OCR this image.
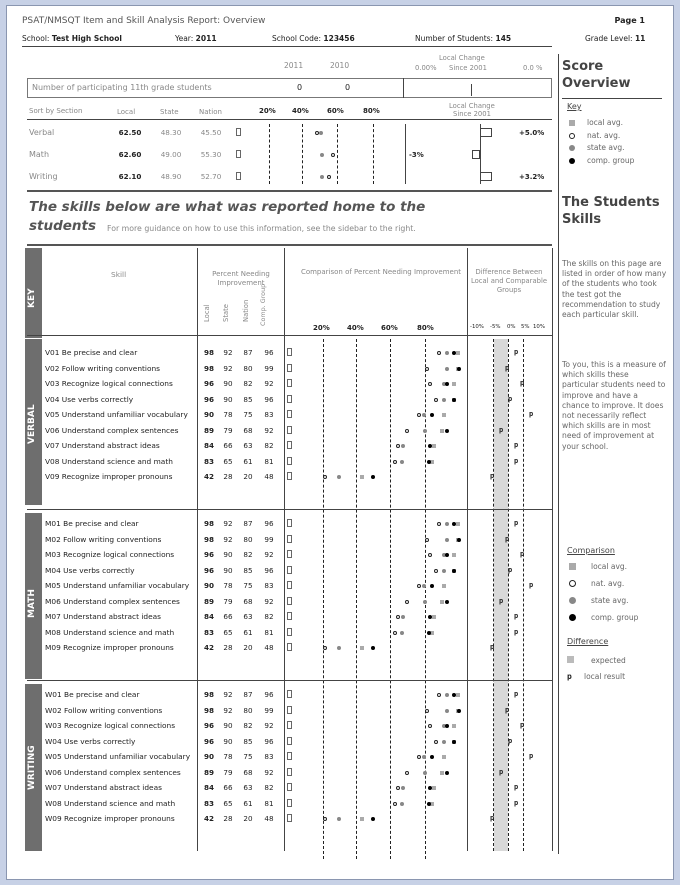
PSAT/NMSQT Item and Skill Analysis Report: Overview	Page 1
School: Test High School	Year: 2011	School Code: 123456	Number of Students: 145	Grade Level: 11
2011	2010
Local Change
0.00% Since 2001	0.0 %
Number of participating 11th grade students	0	0
Sort by Section	Local	State	Nation	20% 40%	60%	80%
Local Change
Since 2001
Verbal	62.50	48.30	45.50	+5.0%
Math	62.60	49.00	55.30	-3%
Writing	62.10	48.90	52.70	+3.2%
The skills below are what was reported home to the
students For more guidance on how to use this information, see the sidebar to the right.
KEY
Skill	Percent Needing Improvement
Local State Nation Comp. Group
Comparison of Percent Needing Improvement
20% 40% 60%	80%
Difference Between Local and Comparable Groups
-10% -5% 0% 5% 10%
VERBAL
V01 Be precise and clear	98	92	87	96	p
V02 Follow writing conventions	98	92	80	99	p
V03 Recognize logical connections	96	90	82	92	p
V04 Use verbs correctly	96	90	85	96	p
V05 Understand unfamiliar vocabulary	90	78	75	83	p
V06 Understand complex sentences	89	79	68	92	p
V07 Understand abstract ideas	84	66	63	82	p
V08 Understand science and math	83	65	61	81	p
V09 Recognize improper pronouns	42	28	20	48	p
MATH
M01 Be precise and clear	98	92	87	96	p
M02 Follow writing conventions	98	92	80	99	p
M03 Recognize logical connections	96	90	82	92	p
M04 Use verbs correctly	96	90	85	96	p
M05 Understand unfamiliar vocabulary	90	78	75	83	p
M06 Understand complex sentences	89	79	68	92	p
M07 Understand abstract ideas	84	66	63	82	p
M08 Understand science and math	83	65	61	81	p
M09 Recognize improper pronouns	42	28	20	48	p
WRITING
W01 Be precise and clear	98	92	87	96	p
W02 Follow writing conventions	98	92	80	99	p
W03 Recognize logical connections	96	90	82	92	p
W04 Use verbs correctly	96	90	85	96	p
W05 Understand unfamiliar vocabulary	90	78	75	83	p
W06 Understand complex sentences	89	79	68	92	p
W07 Understand abstract ideas	84	66	63	82	p
W08 Understand science and math	83	65	61	81	p
W09 Recognize improper pronouns	42	28	20	48	p
Score Overview
Key
local avg.
nat. avg.
state avg.
comp. group
The Students Skills
The skills on this page are listed in order of how many of the students who took the test got the recommendation to study each particular skill.
To you, this is a measure of which skills these particular students need to improve and have a chance to improve. It does not necessarily reflect which skills are in most need of improvement at your school.
Comparison
local avg.
nat. avg.
state avg.
comp. group
Difference
expected
p local result
